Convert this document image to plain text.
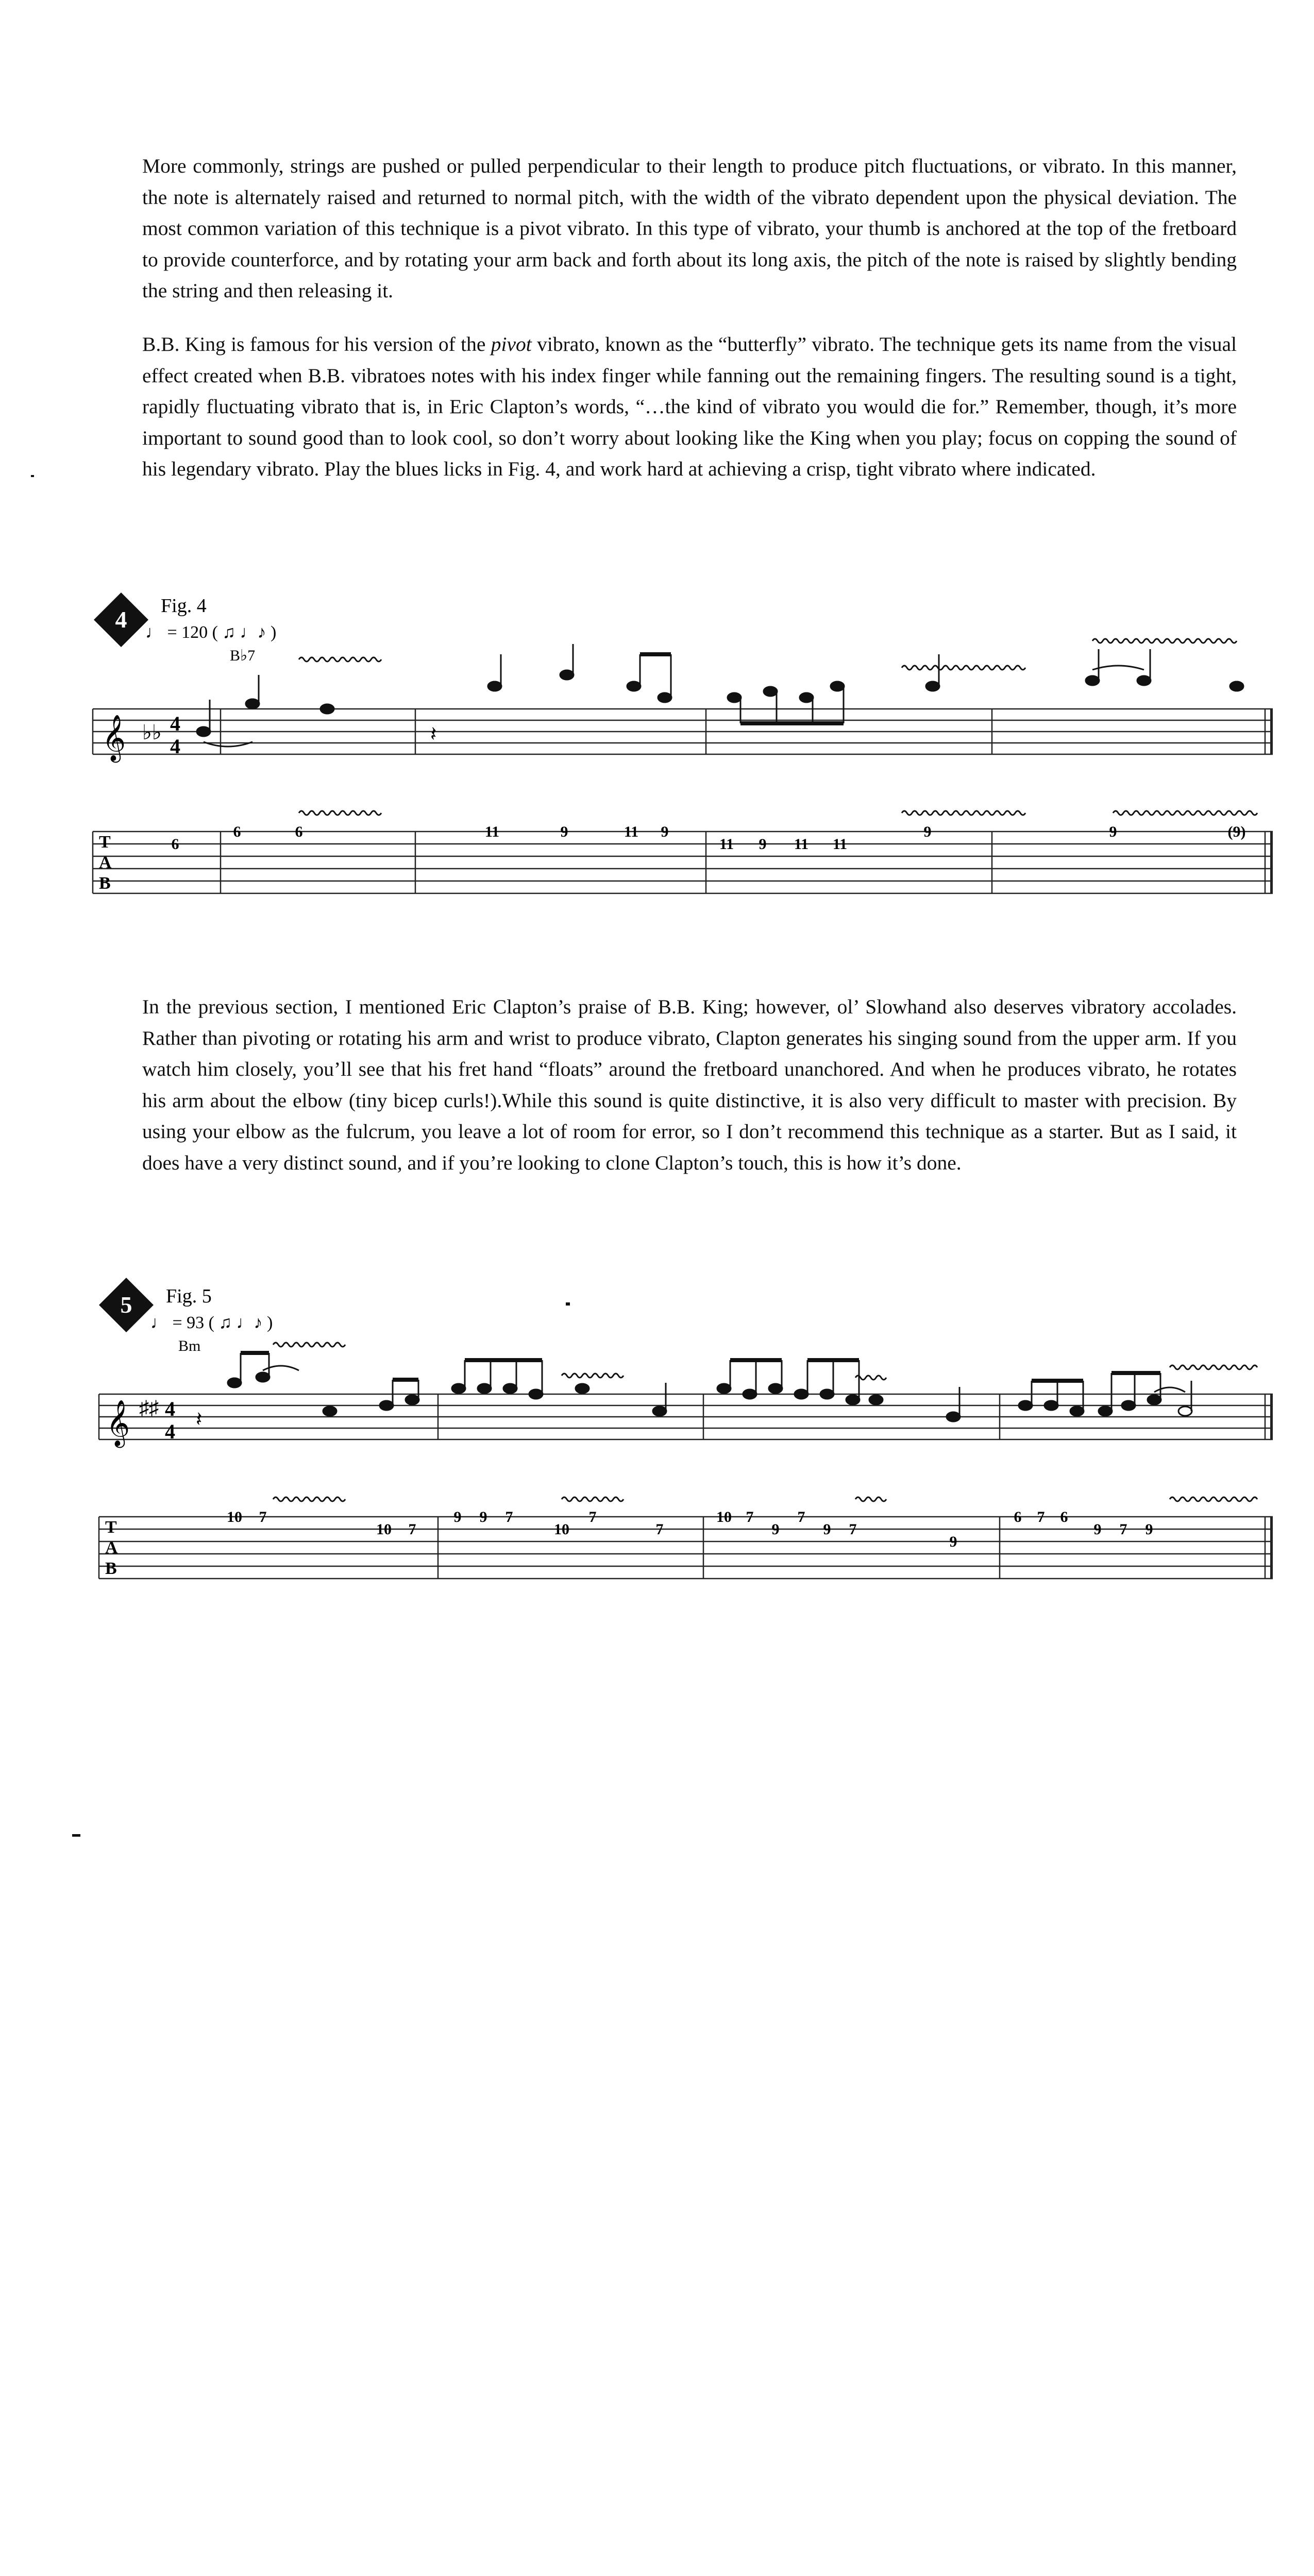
More commonly, strings are pushed or pulled perpendicular to their length to produce pitch fluctuations, or vibrato. In this manner, the note is alternately raised and returned to normal pitch, with the width of the vibrato dependent upon the physical deviation. The most common variation of this technique is a pivot vibrato. In this type of vibrato, your thumb is anchored at the top of the fretboard to provide counterforce, and by rotating your arm back and forth about its long axis, the pitch of the note is raised by slightly bending the string and then releasing it.

B.B. King is famous for his version of the pivot vibrato, known as the “butterfly” vibrato. The technique gets its name from the visual effect created when B.B. vibratoes notes with his index finger while fanning out the remaining fingers. The resulting sound is a tight, rapidly fluctuating vibrato that is, in Eric Clapton’s words, “…the kind of vibrato you would die for.” Remember, though, it’s more important to sound good than to look cool, so don’t worry about looking like the King when you play; focus on copping the sound of his legendary vibrato. Play the blues licks in Fig. 4, and work hard at achieving a crisp, tight vibrato where indicated.

4
Fig. 4
♩ = 120 ( ♫ ♩♪ )
B♭7
𝄞 ♭♭ 4
4
𝄽
T
A
B
6
6	6	11	9	11 9
11 9 11 11
9	9	(9)

In the previous section, I mentioned Eric Clapton’s praise of B.B. King; however, ol’ Slowhand also deserves vibratory accolades. Rather than pivoting or rotating his arm and wrist to produce vibrato, Clapton generates his singing sound from the upper arm. If you watch him closely, you’ll see that his fret hand “floats” around the fretboard unanchored. And when he produces vibrato, he rotates his arm about the elbow (tiny bicep curls!).While this sound is quite distinctive, it is also very difficult to master with precision. By using your elbow as the fulcrum, you leave a lot of room for error, so I don’t recommend this technique as a starter. But as I said, it does have a very distinct sound, and if you’re looking to clone Clapton’s touch, this is how it’s done.

5 Fig. 5
♩ = 93 ( ♫ ♩♪ )
Bm
𝄞 ♯♯ 4
4
𝄽
T
A
B
10 7
10 7
9 9 7
10
7
7
10 7
9
7
9 7
9
6 7 6
9 7 9
